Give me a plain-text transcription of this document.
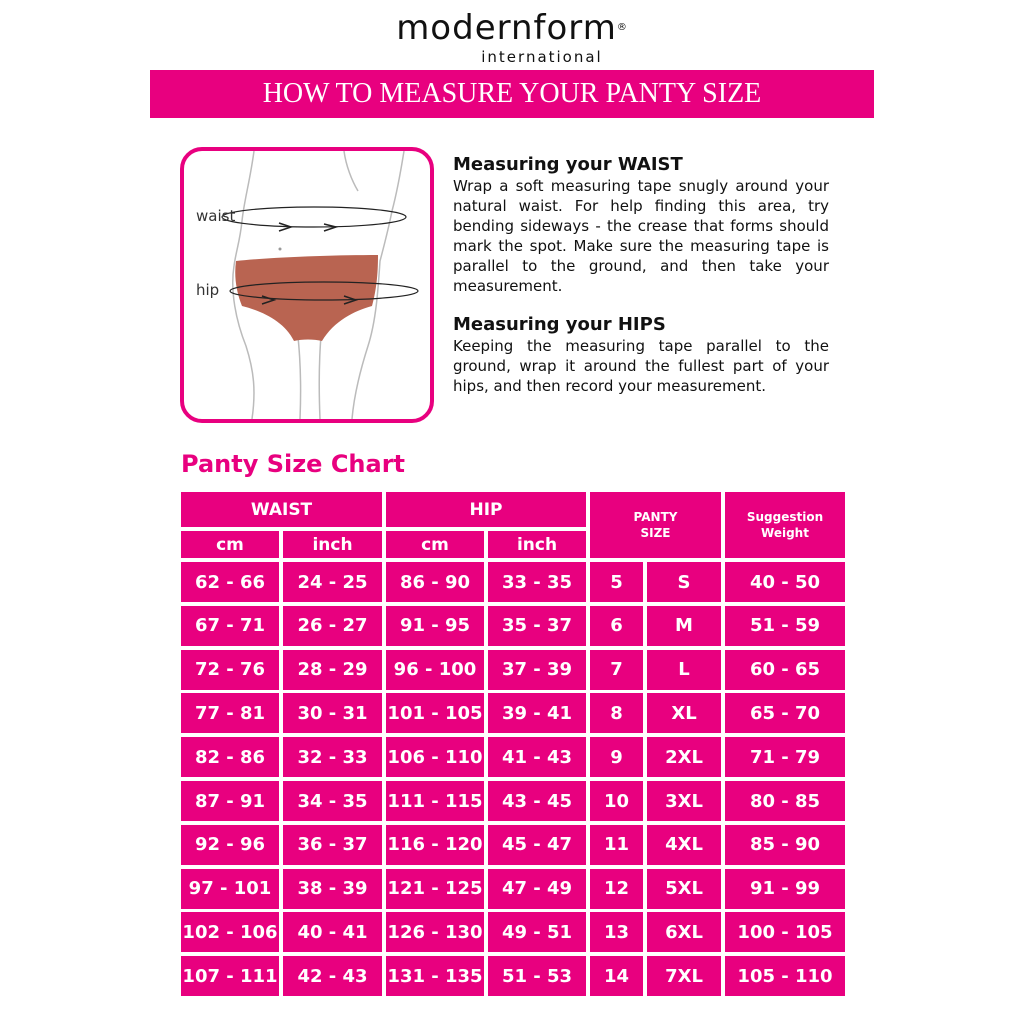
modernform®
international
HOW TO MEASURE YOUR PANTY SIZE
waist
hip
Measuring your WAIST

Wrap a soft measuring tape snugly around your natural waist. For help finding this area, try bending sideways - the crease that forms should mark the spot. Make sure the measuring tape is parallel to the ground, and then take your measurement.

Measuring your HIPS

Keeping the measuring tape parallel to the ground, wrap it around the fullest part of your hips, and then record your measurement.

Panty Size Chart
WAIST	HIP	PANTY
SIZE
Suggestion
Weight
cm	inch	cm	inch
62 - 66	24 - 25	86 - 90	33 - 35	5	S	40 - 50
67 - 71	26 - 27	91 - 95	35 - 37	6	M	51 - 59
72 - 76	28 - 29	96 - 100	37 - 39	7	L	60 - 65
77 - 81	30 - 31	101 - 105	39 - 41	8	XL	65 - 70
82 - 86	32 - 33	106 - 110	41 - 43	9	2XL	71 - 79
87 - 91	34 - 35	111 - 115	43 - 45	10	3XL	80 - 85
92 - 96	36 - 37	116 - 120	45 - 47	11	4XL	85 - 90
97 - 101	38 - 39	121 - 125	47 - 49	12	5XL	91 - 99
102 - 106	40 - 41	126 - 130	49 - 51	13	6XL	100 - 105
107 - 111	42 - 43	131 - 135	51 - 53	14	7XL	105 - 110
